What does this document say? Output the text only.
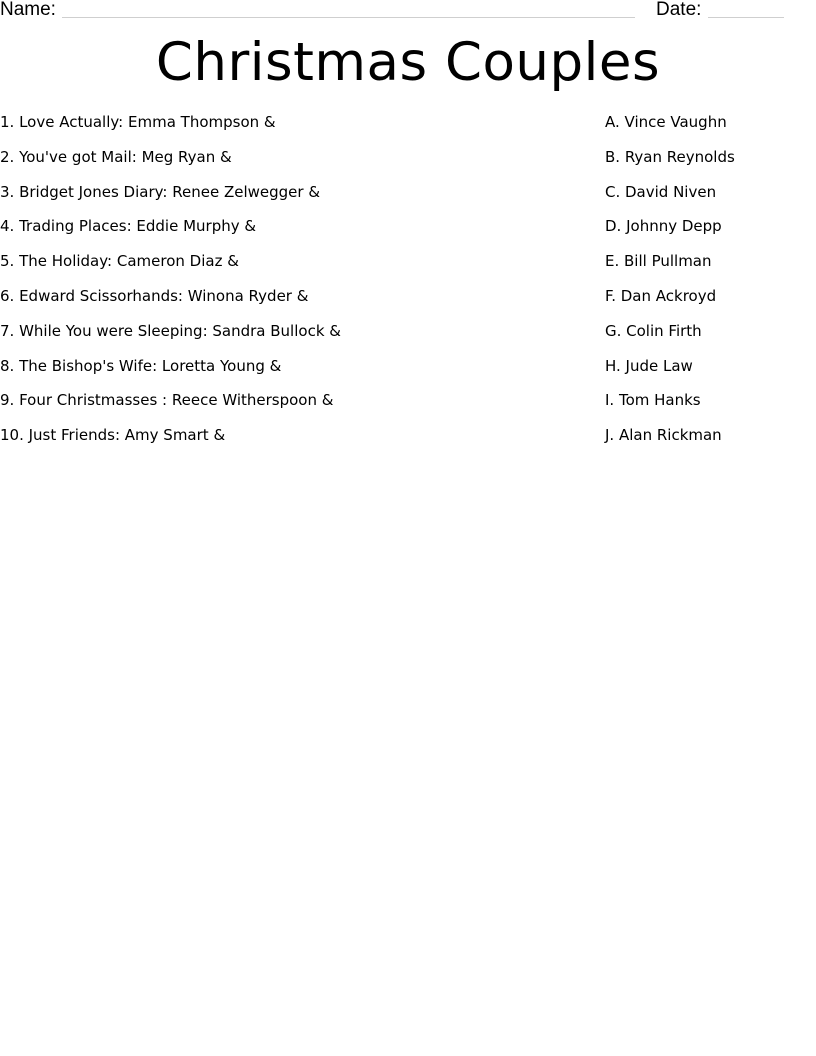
Name:	Date:
Christmas Couples
1. Love Actually: Emma Thompson &
2. You've got Mail: Meg Ryan &
3. Bridget Jones Diary: Renee Zelwegger &
4. Trading Places: Eddie Murphy &
5. The Holiday: Cameron Diaz &
6. Edward Scissorhands: Winona Ryder &
7. While You were Sleeping: Sandra Bullock &
8. The Bishop's Wife: Loretta Young &
9. Four Christmasses : Reece Witherspoon &
10. Just Friends: Amy Smart &
A. Vince Vaughn
B. Ryan Reynolds
C. David Niven
D. Johnny Depp
E. Bill Pullman
F. Dan Ackroyd
G. Colin Firth
H. Jude Law
I. Tom Hanks
J. Alan Rickman
